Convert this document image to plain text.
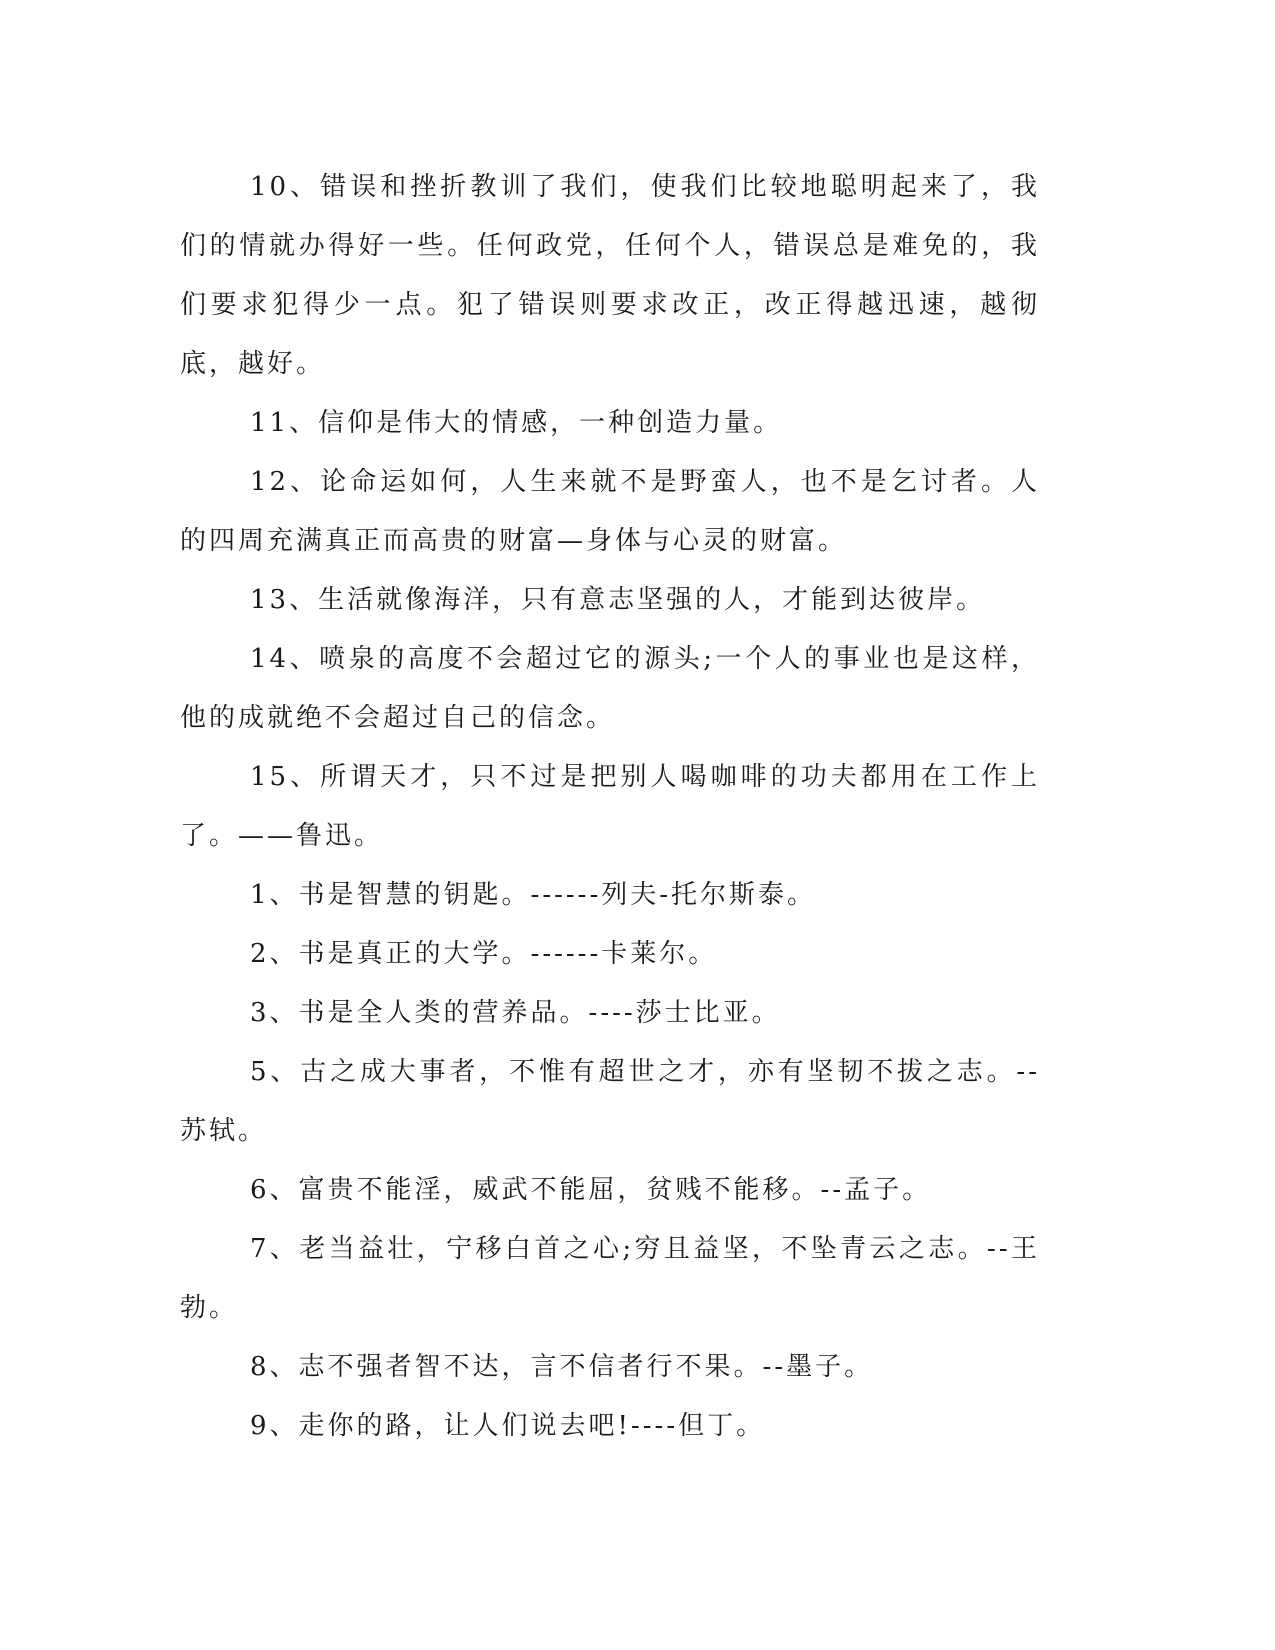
10、错误和挫折教训了我们，使我们比较地聪明起来了，我们的情就办得好一些。任何政党，任何个人，错误总是难免的，我们要求犯得少一点。犯了错误则要求改正，改正得越迅速，越彻底，越好。

11、信仰是伟大的情感，一种创造力量。

12、论命运如何，人生来就不是野蛮人，也不是乞讨者。人的四周充满真正而高贵的财富—身体与心灵的财富。

13、生活就像海洋，只有意志坚强的人，才能到达彼岸。

14、喷泉的高度不会超过它的源头;一个人的事业也是这样，他的成就绝不会超过自己的信念。

15、所谓天才，只不过是把别人喝咖啡的功夫都用在工作上了。——鲁迅。

1、书是智慧的钥匙。------列夫-托尔斯泰。

2、书是真正的大学。------卡莱尔。

3、书是全人类的营养品。----莎士比亚。

5、古之成大事者，不惟有超世之才，亦有坚韧不拔之志。--苏轼。

6、富贵不能淫，威武不能屈，贫贱不能移。--孟子。

7、老当益壮，宁移白首之心;穷且益坚，不坠青云之志。--王勃。

8、志不强者智不达，言不信者行不果。--墨子。

9、走你的路，让人们说去吧!----但丁。
